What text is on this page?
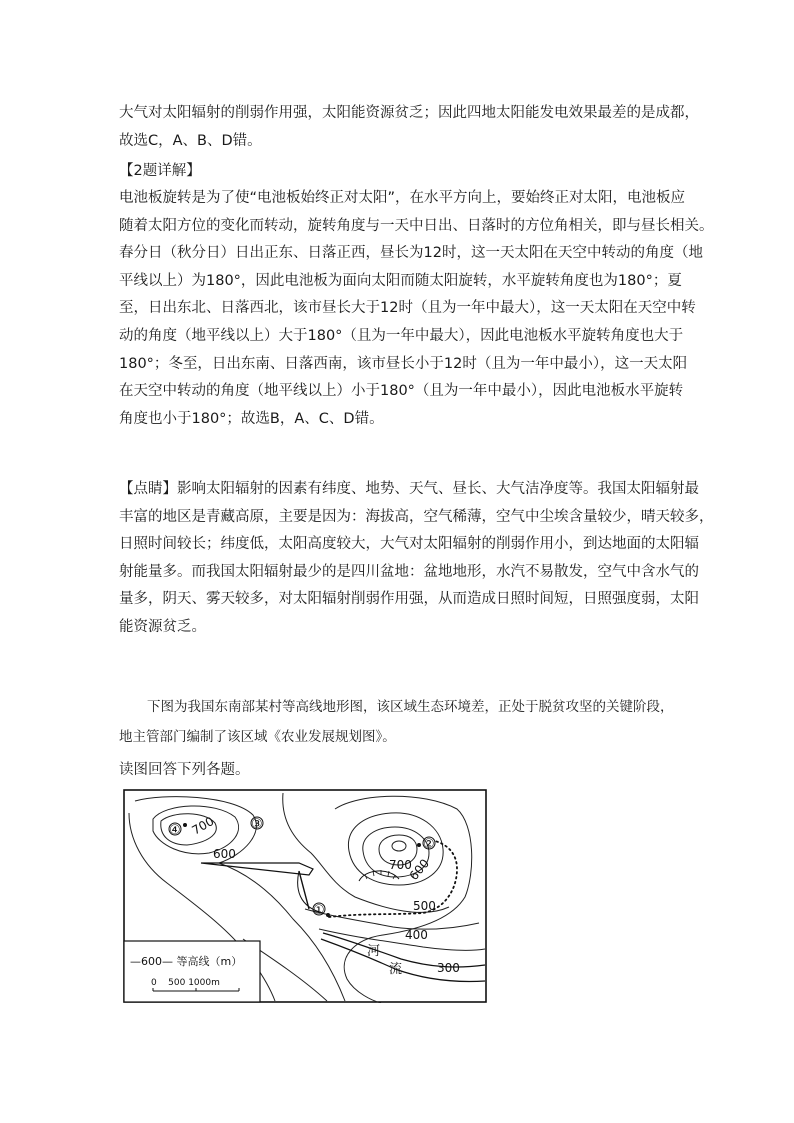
大气对太阳辐射的削弱作用强，太阳能资源贫乏；因此四地太阳能发电效果最差的是成都，
故选C，A、B、D错。
【2题详解】
电池板旋转是为了使“电池板始终正对太阳”，在水平方向上，要始终正对太阳，电池板应
随着太阳方位的变化而转动，旋转角度与一天中日出、日落时的方位角相关，即与昼长相关。
春分日（秋分日）日出正东、日落正西，昼长为12时，这一天太阳在天空中转动的角度（地
平线以上）为180°，因此电池板为面向太阳而随太阳旋转，水平旋转角度也为180°；夏
至，日出东北、日落西北，该市昼长大于12时（且为一年中最大），这一天太阳在天空中转
动的角度（地平线以上）大于180°（且为一年中最大），因此电池板水平旋转角度也大于
180°；冬至，日出东南、日落西南，该市昼长小于12时（且为一年中最小），这一天太阳
在天空中转动的角度（地平线以上）小于180°（且为一年中最小），因此电池板水平旋转
角度也小于180°；故选B，A、C、D错。
【点睛】影响太阳辐射的因素有纬度、地势、天气、昼长、大气洁净度等。我国太阳辐射最
丰富的地区是青藏高原，主要是因为：海拔高，空气稀薄，空气中尘埃含量较少，晴天较多，
日照时间较长；纬度低，太阳高度较大，大气对太阳辐射的削弱作用小，到达地面的太阳辐
射能量多。而我国太阳辐射最少的是四川盆地：盆地地形，水汽不易散发，空气中含水气的
量多，阴天、雾天较多，对太阳辐射削弱作用强，从而造成日照时间短，日照强度弱，太阳
能资源贫乏。
下图为我国东南部某村等高线地形图，该区域生态环境差，正处于脱贫攻坚的关键阶段，
地主管部门编制了该区域《农业发展规划图》。
读图回答下列各题。
④	③
②
①
700
600
700
600
500
400
300
河
流
—600— 等高线（m）
0    500 1000m
